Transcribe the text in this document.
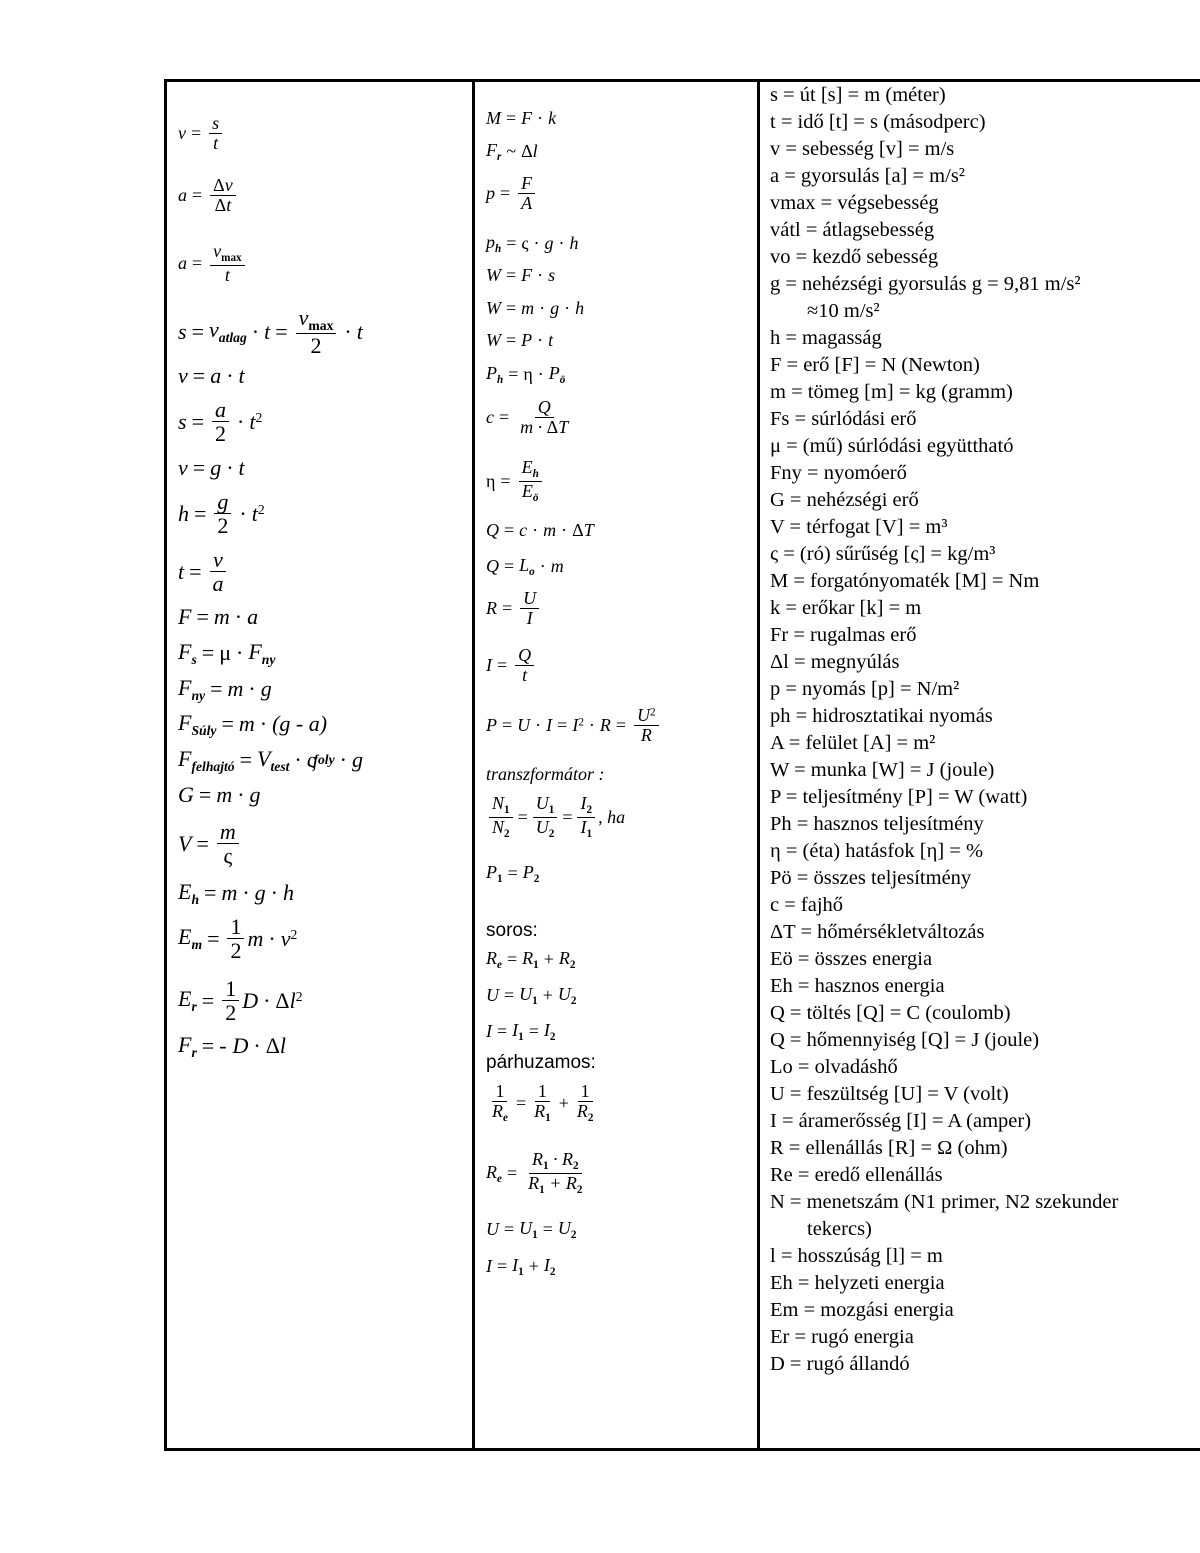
$v = \frac{s}{t}$
$a = \frac{\Delta v}{\Delta t}$
$a = \frac{v_{max}}{t}$
$s = v_{atlag} \cdot t = \frac{v_{max}}{2} \cdot t$
v = a · t
$s = \frac{a}{2} \cdot t^2$
v = g · t
$h = \frac{g}{2} \cdot t^2$
$t = \frac{v}{a}$
F = m · a
$F_s = \mu \cdot F_{ny}$
$F_{ny} = m \cdot g$
$F_{Súly} = m \cdot (g - a)$
$F_{felhajtó} = V_{test} \cdot \varsigma$
foly · g
G = m · g
$V = \frac{m}{\varsigma}$
$E_h = m \cdot g \cdot h$
$E_m = \frac{1}{2}$ $m \cdot v^2$
$E_r = \frac{1}{2}$ $D \cdot \Delta l^2$
$F_r$ = - D · Δl
M = F · k
$F_r$ ~ Δl
$p = \frac{F}{A}$
$p_h = \varsigma \cdot g \cdot h$
W = F · s
W = m · g · h
W = P · t
$P_h = \eta \cdot P_ö$
$c = \frac{Q}{m \cdot \Delta T}$
$\eta = \frac{E_h}{E_ö}$
Q = c · m · ΔT
$Q = L_o \cdot m$
$R = \frac{U}{I}$
$I = \frac{Q}{t}$
$P = U \cdot I = I^2 \cdot R = \frac{U^2}{R}$
transzformátor :
$\frac{N_1}{N_2} = \frac{U_1}{U_2} = \frac{I_2}{I_1}$ , ha
$P_1 = P_2$
soros:
$R_e = R_1 + R_2$
$U = U_1 + U_2$
$I = I_1 = I_2$
párhuzamos:
$\frac{1}{R_e} = \frac{1}{R_1} + \frac{1}{R_2}$
$R_e = \frac{R_1 \cdot R_2}{R_1 + R_2}$
$U = U_1 = U_2$
$I = I_1 + I_2$
s = út [s] = m (méter)
t = idő [t] = s (másodperc)
v = sebesség [v] = m/s
a = gyorsulás [a] = m/s²
vmax = végsebesség
vátl = átlagsebesség
vo = kezdő sebesség
g = nehézségi gyorsulás g = 9,81 m/s²
≈10 m/s²
h = magasság
F = erő [F] = N (Newton)
m = tömeg [m] = kg (gramm)
Fs = súrlódási erő
μ = (mű) súrlódási együttható
Fny = nyomóerő
G = nehézségi erő
V = térfogat [V] = m³
ς = (ró) sűrűség [ς] = kg/m³
M = forgatónyomaték [M] = Nm
k = erőkar [k] = m
Fr = rugalmas erő
Δl = megnyúlás
p = nyomás [p] = N/m²
ph = hidrosztatikai nyomás
A = felület [A] = m²
W = munka [W] = J (joule)
P = teljesítmény [P] = W (watt)
Ph = hasznos teljesítmény
η = (éta) hatásfok [η] = %
Pö = összes teljesítmény
c = fajhő
ΔT = hőmérsékletváltozás
Eö = összes energia
Eh = hasznos energia
Q = töltés [Q] = C (coulomb)
Q = hőmennyiség [Q] = J (joule)
Lo = olvadáshő
U = feszültség [U] = V (volt)
I = áramerősség [I] = A (amper)
R = ellenállás [R] = Ω (ohm)
Re = eredő ellenállás
N = menetszám (N1 primer, N2 szekunder
tekercs)
l = hosszúság [l] = m
Eh = helyzeti energia
Em = mozgási energia
Er = rugó energia
D = rugó állandó
